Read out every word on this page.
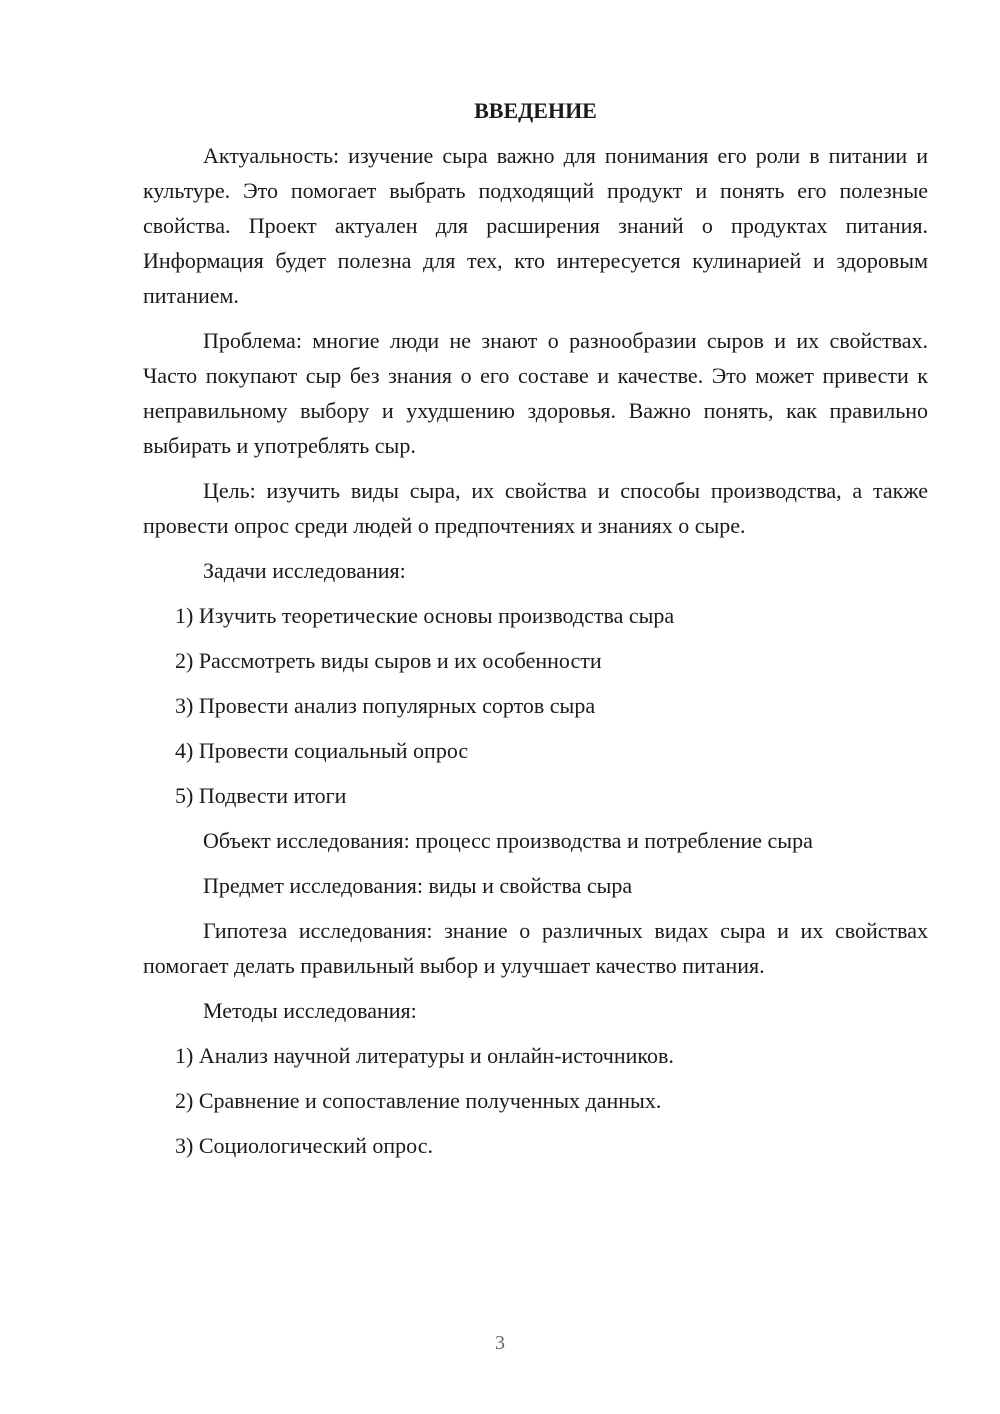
ВВЕДЕНИЕ

Актуальность: изучение сыра важно для понимания его роли в питании и культуре. Это помогает выбрать подходящий продукт и понять его полезные свойства. Проект актуален для расширения знаний о продуктах питания. Информация будет полезна для тех, кто интересуется кулинарией и здоровым питанием.

Проблема: многие люди не знают о разнообразии сыров и их свойствах. Часто покупают сыр без знания о его составе и качестве. Это может привести к неправильному выбору и ухудшению здоровья. Важно понять, как правильно выбирать и употреблять сыр.

Цель: изучить виды сыра, их свойства и способы производства, а также провести опрос среди людей о предпочтениях и знаниях о сыре.

Задачи исследования:
1) Изучить теоретические основы производства сыра
2) Рассмотреть виды сыров и их особенности
3) Провести анализ популярных сортов сыра
4) Провести социальный опрос
5) Подвести итоги
Объект исследования: процесс производства и потребление сыра
Предмет исследования: виды и свойства сыра

Гипотеза исследования: знание о различных видах сыра и их свойствах помогает делать правильный выбор и улучшает качество питания.

Методы исследования:
1) Анализ научной литературы и онлайн-источников.
2) Сравнение и сопоставление полученных данных.
3) Социологический опрос.
3
